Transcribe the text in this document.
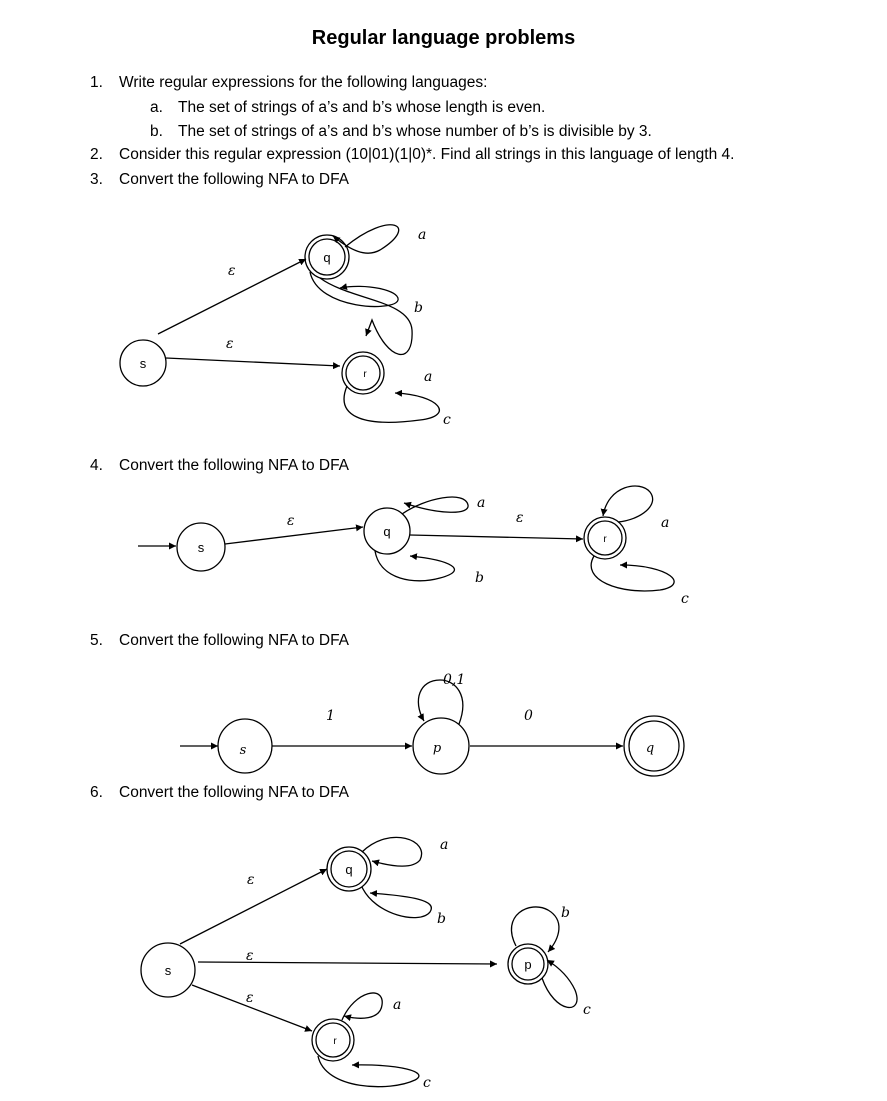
Regular language problems
1. Write regular expressions for the following languages:
a. The set of strings of a’s and b’s whose length is even.
b. The set of strings of a’s and b’s whose number of b’s is divisible by 3.
2. Consider this regular expression (10|01)(1|0)*. Find all strings in this language of length 4.
3. Convert the following NFA to DFA
4. Convert the following NFA to DFA
5. Convert the following NFA to DFA
6. Convert the following NFA to DFA
s
q
r
ε
ε
a
b
a
c
s
q
r
ε
a
b
ε	a
c
s	p	q
0,1
1	0
s
q
p
r
ε
ε
ε
a
b	b
c
a
c
